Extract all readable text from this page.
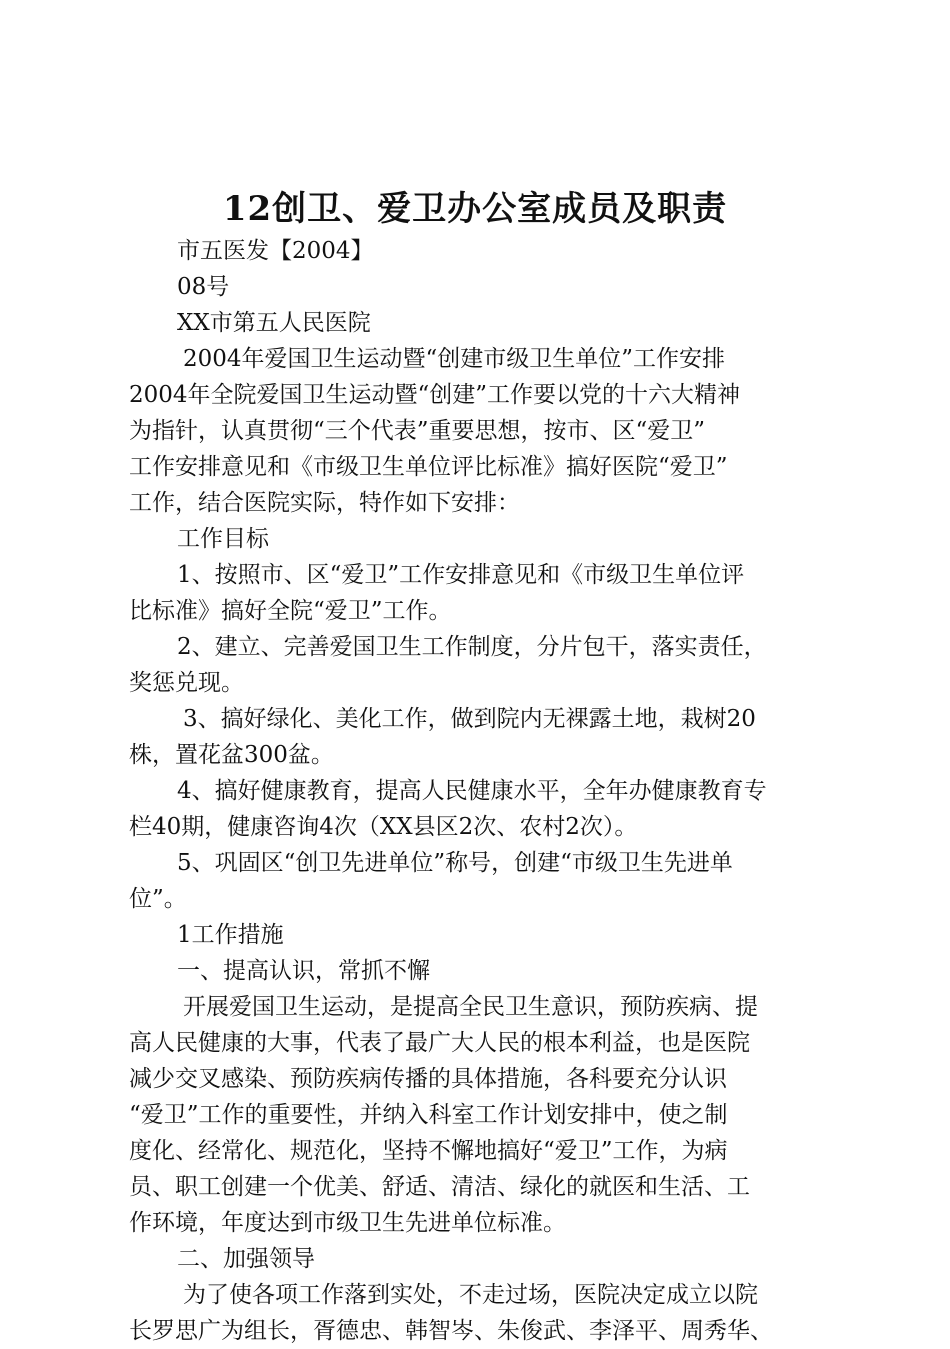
12创卫、爱卫办公室成员及职责
市五医发【2004】
08号
XX市第五人民医院
2004年爱国卫生运动暨“创建市级卫生单位”工作安排
2004年全院爱国卫生运动暨“创建”工作要以党的十六大精神
为指针，认真贯彻“三个代表”重要思想，按市、区“爱卫”
工作安排意见和《市级卫生单位评比标准》搞好医院“爱卫”
工作，结合医院实际，特作如下安排：
工作目标
1、按照市、区“爱卫”工作安排意见和《市级卫生单位评
比标准》搞好全院“爱卫”工作。
2、建立、完善爱国卫生工作制度，分片包干，落实责任，
奖惩兑现。
3、搞好绿化、美化工作，做到院内无裸露土地，栽树20
株，置花盆300盆。
4、搞好健康教育，提高人民健康水平，全年办健康教育专
栏40期，健康咨询4次（XX县区2次、农村2次）。
5、巩固区“创卫先进单位”称号，创建“市级卫生先进单
位”。
1工作措施
一、提高认识，常抓不懈
开展爱国卫生运动，是提高全民卫生意识，预防疾病、提
高人民健康的大事，代表了最广大人民的根本利益，也是医院
减少交叉感染、预防疾病传播的具体措施，各科要充分认识
“爱卫”工作的重要性，并纳入科室工作计划安排中，使之制
度化、经常化、规范化，坚持不懈地搞好“爱卫”工作，为病
员、职工创建一个优美、舒适、清洁、绿化的就医和生活、工
作环境，年度达到市级卫生先进单位标准。
二、加强领导
为了使各项工作落到实处，不走过场，医院决定成立以院
长罗思广为组长，胥德忠、韩智岑、朱俊武、李泽平、周秀华、
